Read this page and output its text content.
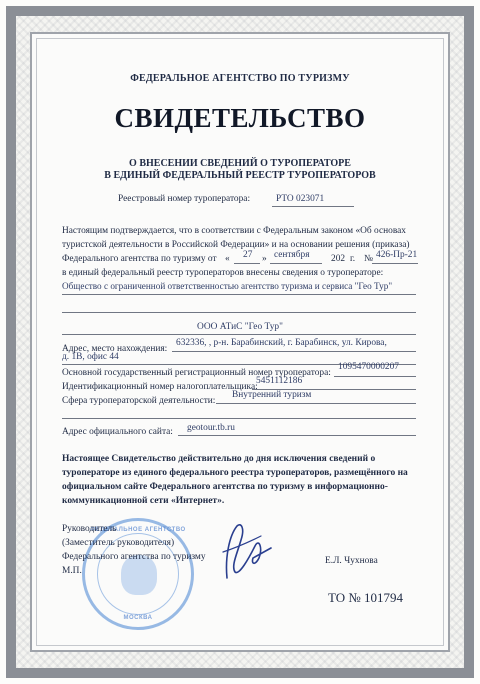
ФЕДЕРАЛЬНОЕ АГЕНТСТВО ПО ТУРИЗМУ
СВИДЕТЕЛЬСТВО
О ВНЕСЕНИИ СВЕДЕНИЙ О ТУРОПЕРАТОРЕ
В ЕДИНЫЙ ФЕДЕРАЛЬНЫЙ РЕЕСТР ТУРОПЕРАТОРОВ
Реестровый номер туроператора:	РТО 023071
Настоящим подтверждается, что в соответствии с Федеральным законом «Об основах
туристской деятельности в Российской Федерации» и на основании решения (приказа)
Федерального агентства по туризму от « 27 » сентября 202 г. № 426-Пр-21
в единый федеральный реестр туроператоров внесены сведения о туроператоре:
Общество с ограниченной ответственностью агентство туризма и сервиса "Гео Тур"
ООО АТиС "Гео Тур"
Адрес, место нахождения:
632336, , р-н. Барабинский, г. Барабинск, ул. Кирова,
д. 1В, офис 44
Основной государственный регистрационный номер туроператора:
1095470000207
Идентификационный номер налогоплательщика:
5451112186
Сфера туроператорской деятельности:
Внутренний туризм
Адрес официального сайта: geotour.tb.ru
Настоящее Свидетельство действительно до дня исключения сведений о
туроператоре из единого федерального реестра туроператоров, размещённого на
официальном сайте Федерального агентства по туризму в информационно-
коммуникационной сети «Интернет».
ФЕДЕРАЛЬНОЕ АГЕНТСТВО
МОСКВА
Руководитель
(Заместитель руководителя)
Федерального агентства по туризму
М.П.
Е.Л. Чухнова
ТО № 101794
